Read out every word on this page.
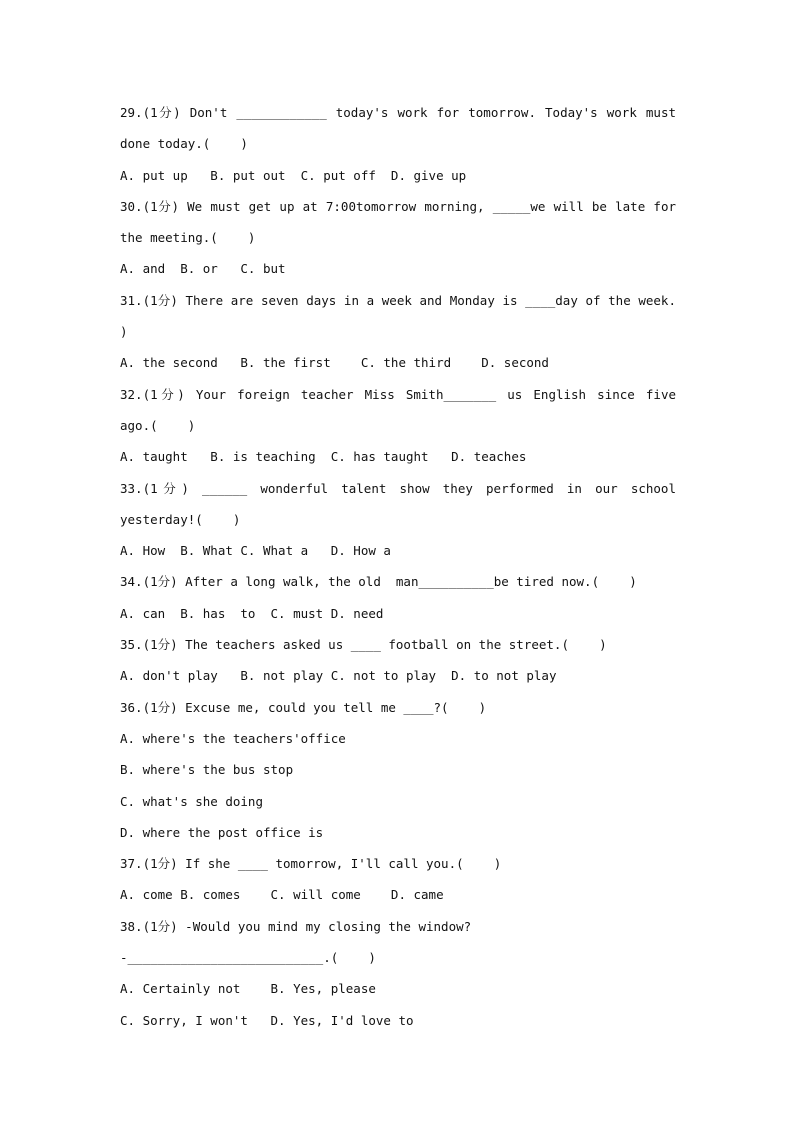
29.(1分) Don't ____________ today's work for tomorrow. Today's work must
done today.(    )
A. put up   B. put out  C. put off  D. give up
30.(1分) We must get up at 7:00tomorrow morning, _____we will be late for
the meeting.(    )
A. and  B. or   C. but
31.(1分) There are seven days in a week and Monday is ____day of the week.
)
A. the second   B. the first    C. the third    D. second
32.(1分) Your foreign teacher Miss Smith_______ us English since five
ago.(    )
A. taught   B. is teaching  C. has taught   D. teaches
33.(1分) ______ wonderful talent show they performed in our school
yesterday!(    )
A. How  B. What C. What a   D. How a
34.(1分) After a long walk, the old  man__________be tired now.(    )
A. can  B. has  to  C. must D. need
35.(1分) The teachers asked us ____ football on the street.(    )
A. don't play   B. not play C. not to play  D. to not play
36.(1分) Excuse me, could you tell me ____?(    )
A. where's the teachers'office
B. where's the bus stop
C. what's she doing
D. where the post office is
37.(1分) If she ____ tomorrow, I'll call you.(    )
A. come B. comes    C. will come    D. came
38.(1分) -Would you mind my closing the window?
-__________________________.(    )
A. Certainly not    B. Yes, please
C. Sorry, I won't   D. Yes, I'd love to
